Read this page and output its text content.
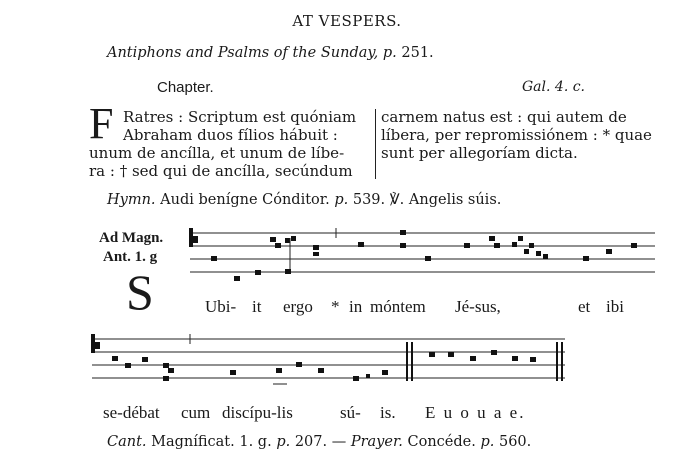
AT VESPERS.
Antiphons and Psalms of the Sunday, p. 251.
Chapter.	Gal. 4. c.
F Ratres : Scriptum est quóniam
Abraham duos fílios hábuit :
unum de ancílla, et unum de líbe-
ra : † sed qui de ancílla, secúndum
carnem natus est : qui autem de
líbera, per repromissiónem : * quae
sunt per allegoríam dicta.
Hymn. Audi benígne Cónditor. p. 539. ℣. Angelis súis.
Ad Magn.
Ant. 1. g
S	Ubi- it ergo * in móntem Jé-sus,	et ibi
se-débat cum discípu-lis	sú- is. E u o u a e.
Cant. Magníficat. 1. g. p. 207. — Prayer. Concéde. p. 560.
